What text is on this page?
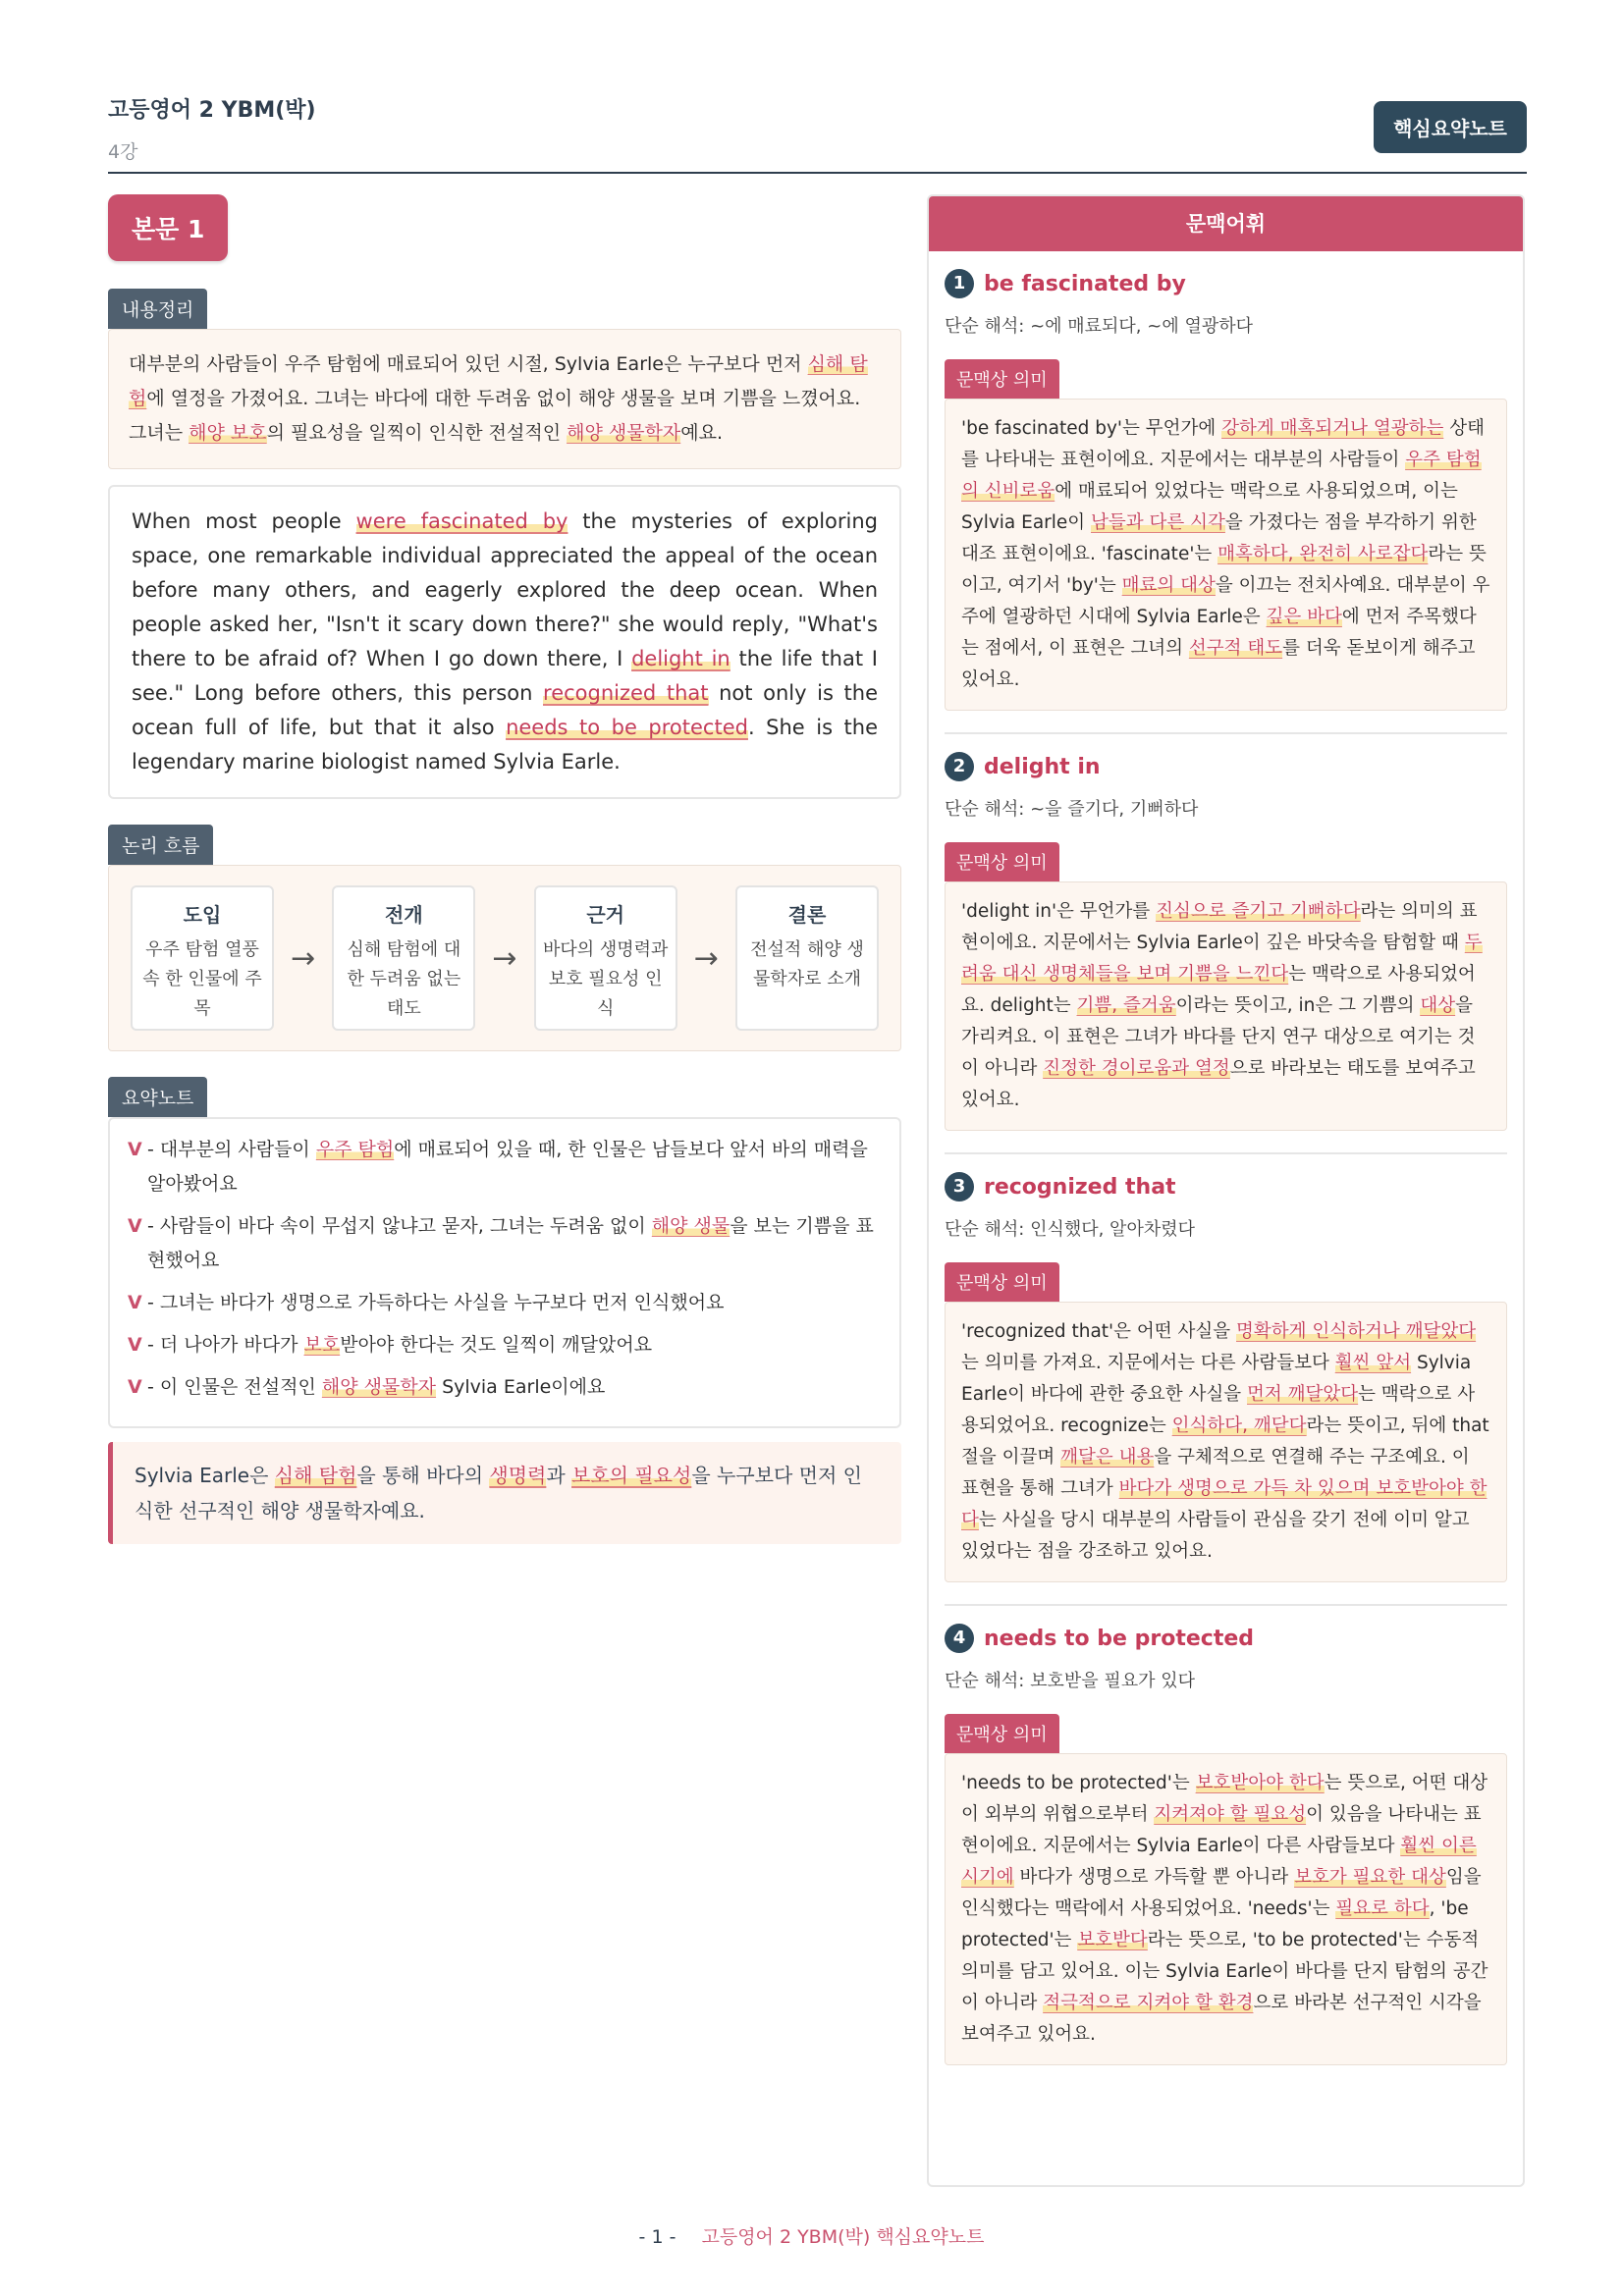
고등영어 2 YBM(박)
4강
핵심요약노트
본문 1
내용정리
대부분의 사람들이 우주 탐험에 매료되어 있던 시절, Sylvia Earle은 누구보다 먼저 심해 탐험에 열정을 가졌어요. 그녀는 바다에 대한 두려움 없이 해양 생물을 보며 기쁨을 느꼈어요. 그녀는 해양 보호의 필요성을 일찍이 인식한 전설적인 해양 생물학자예요.
When most people were fascinated by the mysteries of exploring space, one remarkable individual appreciated the appeal of the ocean before many others, and eagerly explored the deep ocean. When people asked her, "Isn't it scary down there?" she would reply, "What's there to be afraid of? When I go down there, I delight in the life that I see." Long before others, this person recognized that not only is the ocean full of life, but that it also needs to be protected. She is the legendary marine biologist named Sylvia Earle.
논리 흐름
도입
우주 탐험 열풍 속 한 인물에 주목
→
전개
심해 탐험에 대한 두려움 없는 태도
→
근거
바다의 생명력과 보호 필요성 인식
→
결론
전설적 해양 생물학자로 소개
요약노트
V - 대부분의 사람들이 우주 탐험에 매료되어 있을 때, 한 인물은 남들보다 앞서 바의 매력을 알아봤어요
V - 사람들이 바다 속이 무섭지 않냐고 묻자, 그녀는 두려움 없이 해양 생물을 보는 기쁨을 표현했어요
V - 그녀는 바다가 생명으로 가득하다는 사실을 누구보다 먼저 인식했어요
V - 더 나아가 바다가 보호받아야 한다는 것도 일찍이 깨달았어요
V - 이 인물은 전설적인 해양 생물학자 Sylvia Earle이에요
Sylvia Earle은 심해 탐험을 통해 바다의 생명력과 보호의 필요성을 누구보다 먼저 인식한 선구적인 해양 생물학자예요.
문맥어휘
1 be fascinated by
단순 해석: ~에 매료되다, ~에 열광하다
문맥상 의미
'be fascinated by'는 무언가에 강하게 매혹되거나 열광하는 상태를 나타내는 표현이에요. 지문에서는 대부분의 사람들이 우주 탐험의 신비로움에 매료되어 있었다는 맥락으로 사용되었으며, 이는 Sylvia Earle이 남들과 다른 시각을 가졌다는 점을 부각하기 위한 대조 표현이에요. 'fascinate'는 매혹하다, 완전히 사로잡다라는 뜻이고, 여기서 'by'는 매료의 대상을 이끄는 전치사예요. 대부분이 우주에 열광하던 시대에 Sylvia Earle은 깊은 바다에 먼저 주목했다는 점에서, 이 표현은 그녀의 선구적 태도를 더욱 돋보이게 해주고 있어요.
2 delight in
단순 해석: ~을 즐기다, 기뻐하다
문맥상 의미
'delight in'은 무언가를 진심으로 즐기고 기뻐하다라는 의미의 표현이에요. 지문에서는 Sylvia Earle이 깊은 바닷속을 탐험할 때 두려움 대신 생명체들을 보며 기쁨을 느낀다는 맥락으로 사용되었어요. delight는 기쁨, 즐거움이라는 뜻이고, in은 그 기쁨의 대상을 가리켜요. 이 표현은 그녀가 바다를 단지 연구 대상으로 여기는 것이 아니라 진정한 경이로움과 열정으로 바라보는 태도를 보여주고 있어요.
3 recognized that
단순 해석: 인식했다, 알아차렸다
문맥상 의미
'recognized that'은 어떤 사실을 명확하게 인식하거나 깨달았다는 의미를 가져요. 지문에서는 다른 사람들보다 훨씬 앞서 Sylvia Earle이 바다에 관한 중요한 사실을 먼저 깨달았다는 맥락으로 사용되었어요. recognize는 인식하다, 깨닫다라는 뜻이고, 뒤에 that절을 이끌며 깨달은 내용을 구체적으로 연결해 주는 구조예요. 이 표현을 통해 그녀가 바다가 생명으로 가득 차 있으며 보호받아야 한다는 사실을 당시 대부분의 사람들이 관심을 갖기 전에 이미 알고 있었다는 점을 강조하고 있어요.
4 needs to be protected
단순 해석: 보호받을 필요가 있다
문맥상 의미
'needs to be protected'는 보호받아야 한다는 뜻으로, 어떤 대상이 외부의 위협으로부터 지켜져야 할 필요성이 있음을 나타내는 표현이에요. 지문에서는 Sylvia Earle이 다른 사람들보다 훨씬 이른 시기에 바다가 생명으로 가득할 뿐 아니라 보호가 필요한 대상임을 인식했다는 맥락에서 사용되었어요. 'needs'는 필요로 하다, 'be protected'는 보호받다라는 뜻으로, 'to be protected'는 수동적 의미를 담고 있어요. 이는 Sylvia Earle이 바다를 단지 탐험의 공간이 아니라 적극적으로 지켜야 할 환경으로 바라본 선구적인 시각을 보여주고 있어요.
- 1 - 고등영어 2 YBM(박) 핵심요약노트
